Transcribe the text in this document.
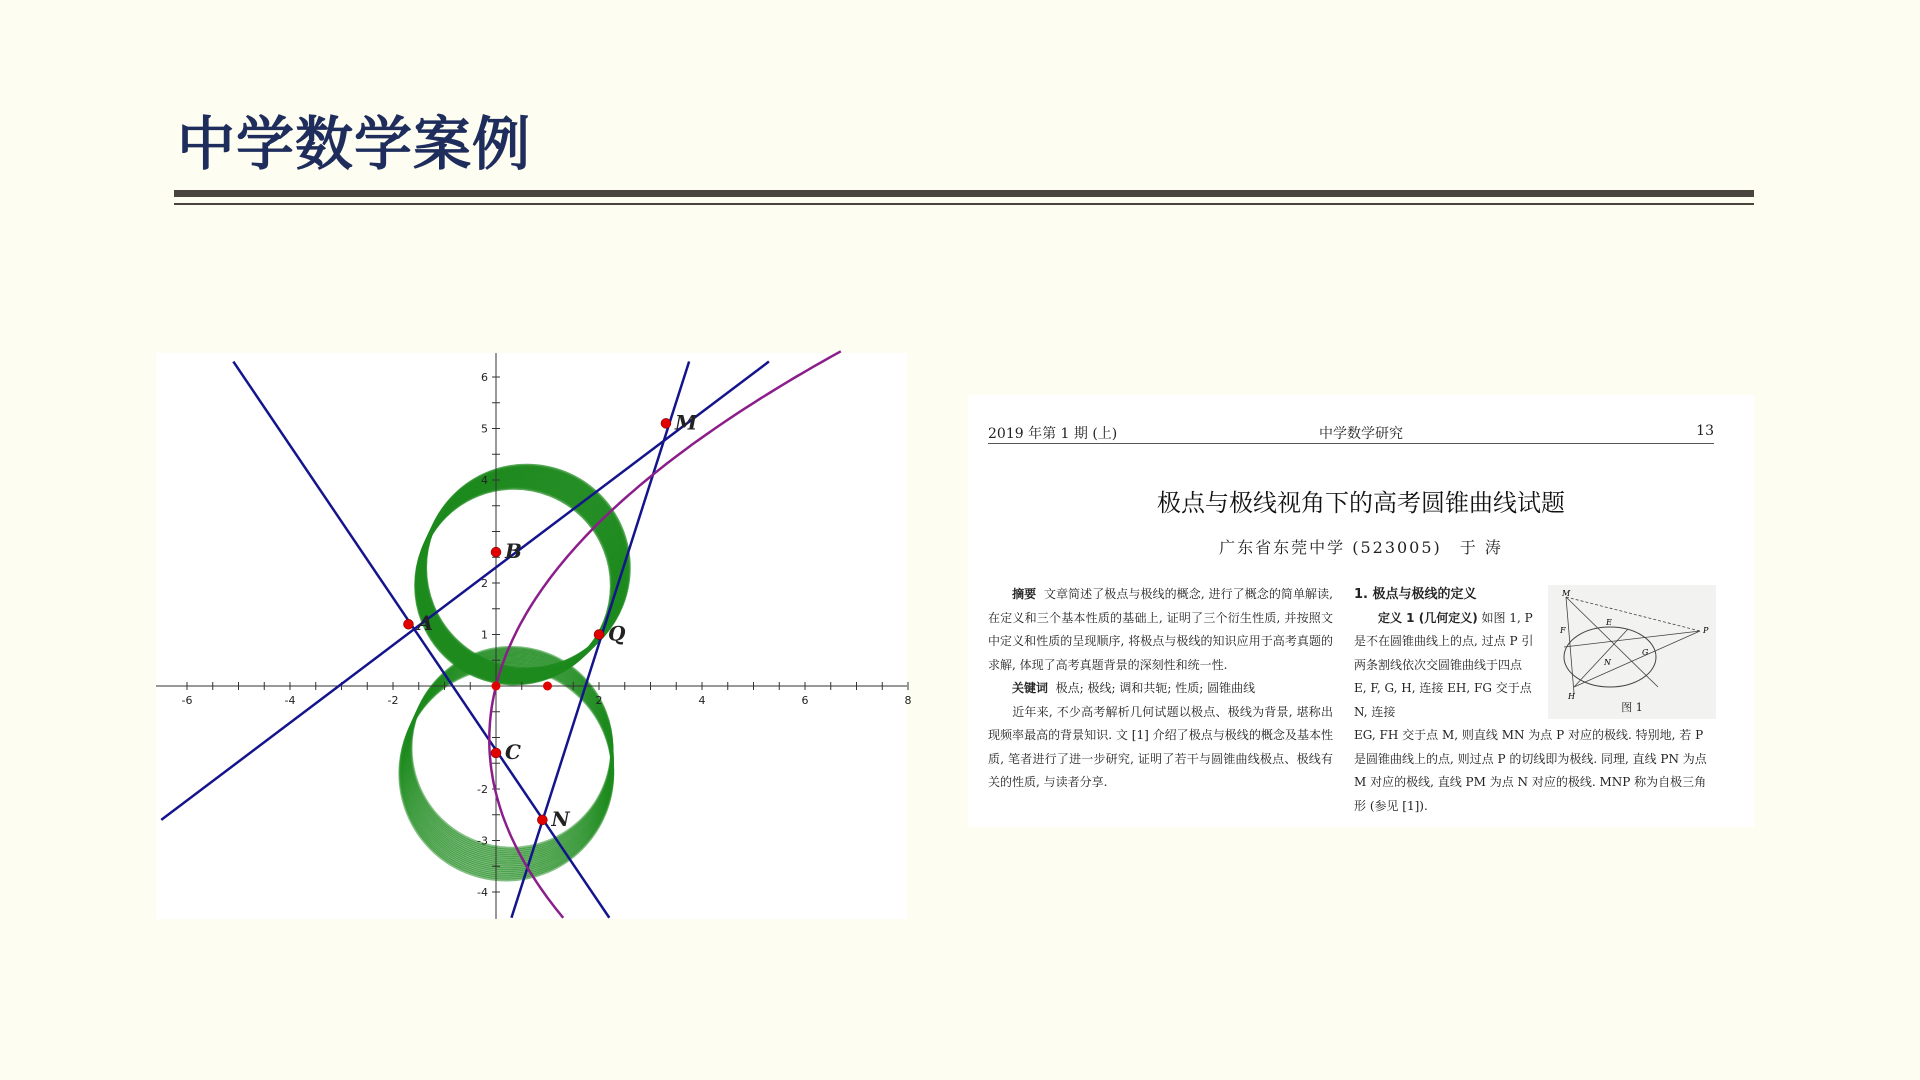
中学数学案例
-6	-4	-2	2	4	6	8
6
5
4
2
1
-2
-3
-4
A
B
C
N
Q
M	2019 年第 1 期 (上)	中学数学研究	13
极点与极线视角下的高考圆锥曲线试题
广东省东莞中学 (523005)　于 涛
摘要 文章简述了极点与极线的概念, 进行了概念的简单解读, 在定义和三个基本性质的基础上, 证明了三个衍生性质, 并按照文中定义和性质的呈现顺序, 将极点与极线的知识应用于高考真题的求解, 体现了高考真题背景的深刻性和统一性.
关键词 极点; 极线; 调和共轭; 性质; 圆锥曲线
近年来, 不少高考解析几何试题以极点、极线为背景, 堪称出现频率最高的背景知识. 文 [1] 介绍了极点与极线的概念及基本性质, 笔者进行了进一步研究, 证明了若干与圆锥曲线极点、极线有关的性质, 与读者分享.
1. 极点与极线的定义
定义 1 (几何定义) 如图 1, P 是不在圆锥曲线上的点, 过点 P 引两条割线依次交圆锥曲线于四点 E, F, G, H, 连接 EH, FG 交于点 N, 连接
EG, FH 交于点 M, 则直线 MN 为点 P 对应的极线. 特别地, 若 P 是圆锥曲线上的点, 则过点 P 的切线即为极线. 同理, 直线 PN 为点 M 对应的极线, 直线 PM 为点 N 对应的极线. MNP 称为自极三角形 (参见 [1]).
M
E
F
G
H
P
N
图 1
